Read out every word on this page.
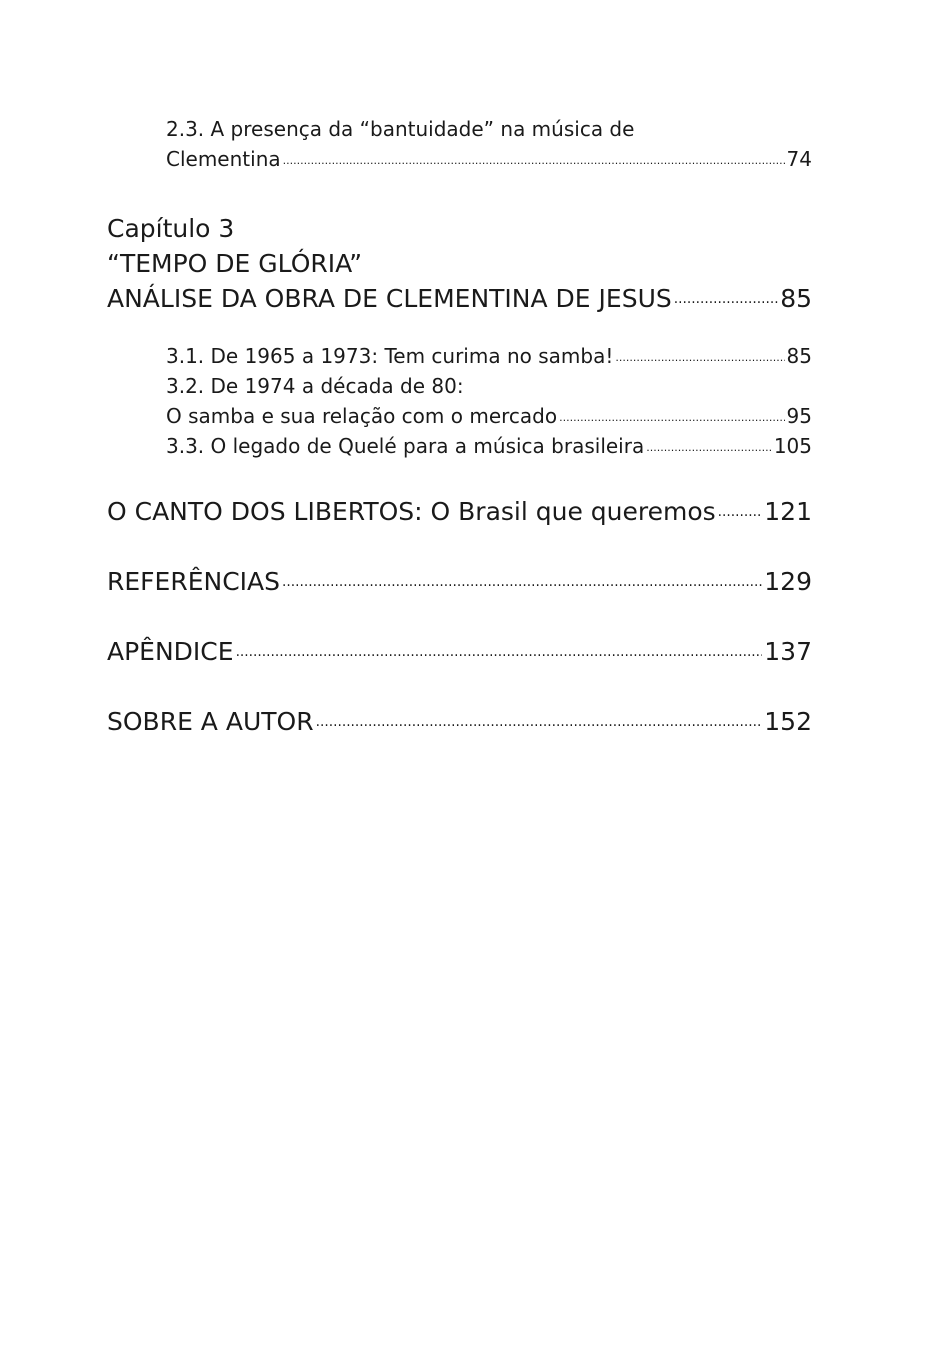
2.3. A presença da “bantuidade” na música de
Clementina .....	74
Capítulo 3
“TEMPO DE GLÓRIA”
ANÁLISE DA OBRA DE CLEMENTINA DE JESUS .....	85
3.1. De 1965 a 1973: Tem curima no samba! .....	85
3.2. De 1974 a década de 80:
O samba e sua relação com o mercado .....	95
3.3. O legado de Quelé para a música brasileira .....	105
O CANTO DOS LIBERTOS: O Brasil que queremos ..... 121
REFERÊNCIAS .....	129
APÊNDICE .....	137
SOBRE A AUTOR .....	152
